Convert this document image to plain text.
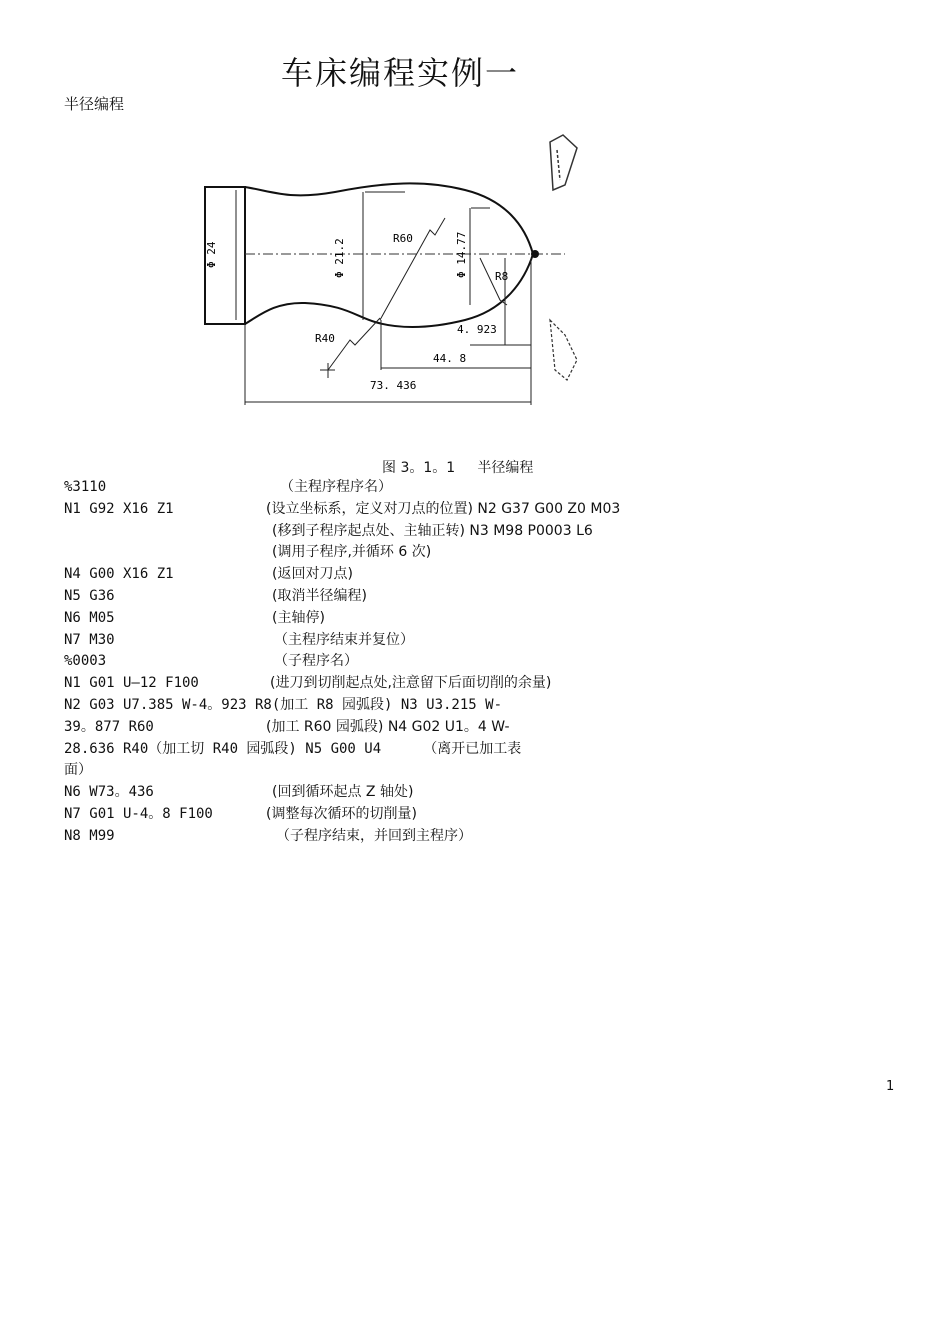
车床编程实例一
半径编程
Φ 24	Φ 21.2	Φ 14.77
R60
R8
R40
4. 923
44. 8
73. 436
图 3。1。1     半径编程
%3110	（主程序程序名）
N1 G92 X16 Z1	(设立坐标系，定义对刀点的位置) N2 G37 G00 Z0 M03
(移到子程序起点处、主轴正转) N3 M98 P0003 L6
(调用子程序,并循环 6 次)
N4 G00 X16 Z1	(返回对刀点)
N5 G36	(取消半径编程)
N6 M05	(主轴停)
N7 M30	（主程序结束并复位）
%0003	（子程序名）
N1 G01 U—12 F100	(进刀到切削起点处,注意留下后面切削的余量)
N2 G03 U7.385 W-4。923 R8(加工 R8 园弧段) N3 U3.215 W-
39。877 R60	(加工 R60 园弧段) N4 G02 U1。4 W-
28.636 R40（加工切 R40 园弧段) N5 G00 U4     （离开已加工表
面）
N6 W73。436	(回到循环起点 Z 轴处)
N7 G01 U-4。8 F100	(调整每次循环的切削量)
N8 M99	（子程序结束，并回到主程序）
1
